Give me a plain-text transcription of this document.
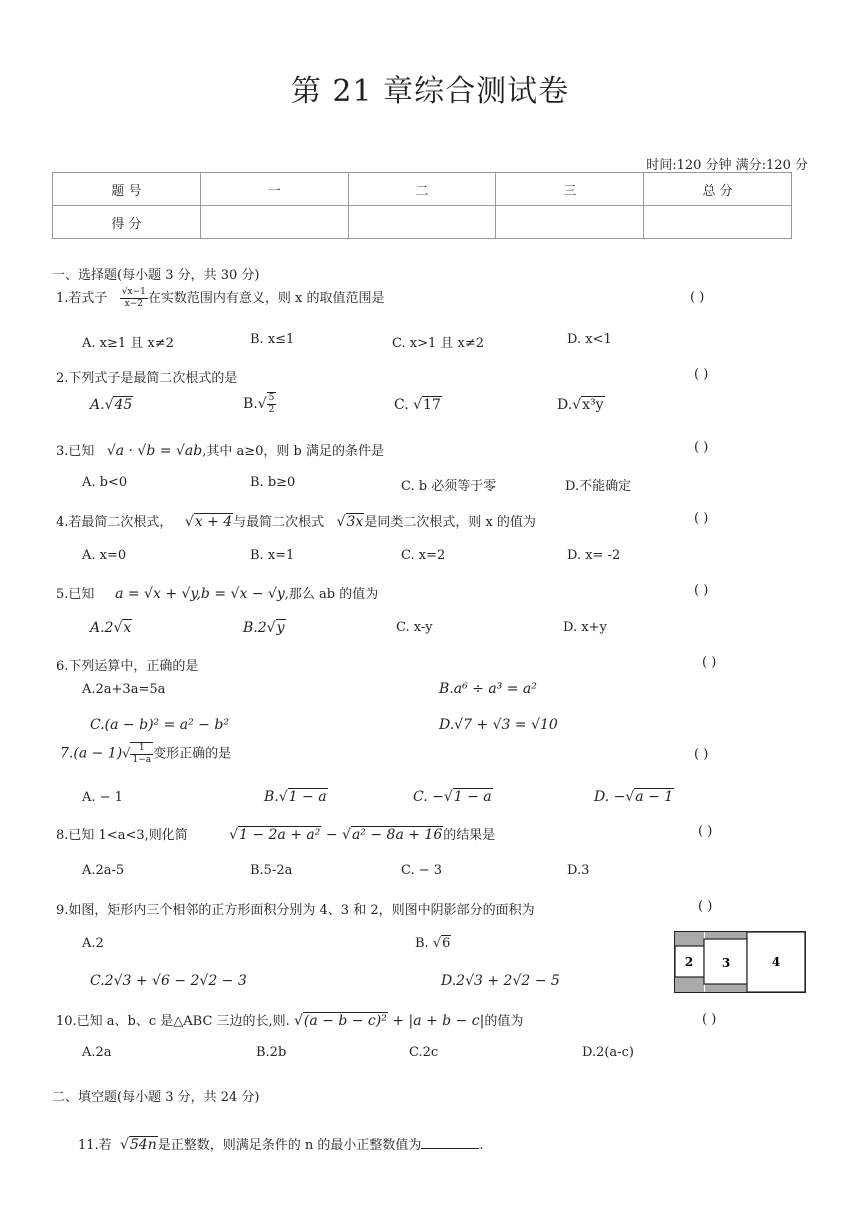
第 21 章综合测试卷
时间:120 分钟 满分:120 分
题 号	一	二	三	总 分
得 分				
一、选择题(每小题 3 分，共 30 分)
1.若式子 $\frac{√x-1}{x-2}$ 在实数范围内有意义，则 x 的取值范围是	( )
A. x≥1 且 x≠2	B. x≤1	C. x>1 且 x≠2	D. x<1
2.下列式子是最简二次根式的是	( )
A.√45	$B.√ \frac{5}{2}$	C. √17	D.√x³y
3.已知 √a · √b = √ab,其中 a≥0，则 b 满足的条件是	( )
A. b<0	B. b≥0	C. b 必须等于零	D.不能确定
4.若最简二次根式， √x + 4与最简二次根式 √3x是同类二次根式，则 x 的值为	( )
A. x=0	B. x=1	C. x=2	D. x= -2
5.已知 a = √x + √y,b = √x − √y,那么 ab 的值为	( )
A.2√x	B.2√y	C. x-y	D. x+y
6.下列运算中，正确的是	( )
A.2a+3a=5a	B.a⁶ ÷ a³ = a²
C.(a − b)² = a² − b²	D.√7 + √3 = √10
$7.(a - 1)√ \frac{1}{1-a}$ 变形正确的是	( )
A. − 1	B.√1 − a	C. −√1 − a	D. −√a − 1
8.已知 1<a<3,则化简	√1 − 2a + a² − √a² − 8a + 16的结果是	( )
A.2a-5	B.5-2a	C. − 3	D.3
9.如图，矩形内三个相邻的正方形面积分别为 4、3 和 2，则图中阴影部分的面积为	( )
A.2	B. √6
C.2√3 + √6 − 2√2 − 3	D.2√3 + 2√2 − 5
2 3	4
10.已知 a、b、c 是△ABC 三边的长,则. √(a − b − c)² + |a + b − c|的值为	( )
A.2a	B.2b	C.2c	D.2(a-c)
二、填空题(每小题 3 分，共 24 分)
11.若 √54n是正整数，则满足条件的 n 的最小正整数值为	.
